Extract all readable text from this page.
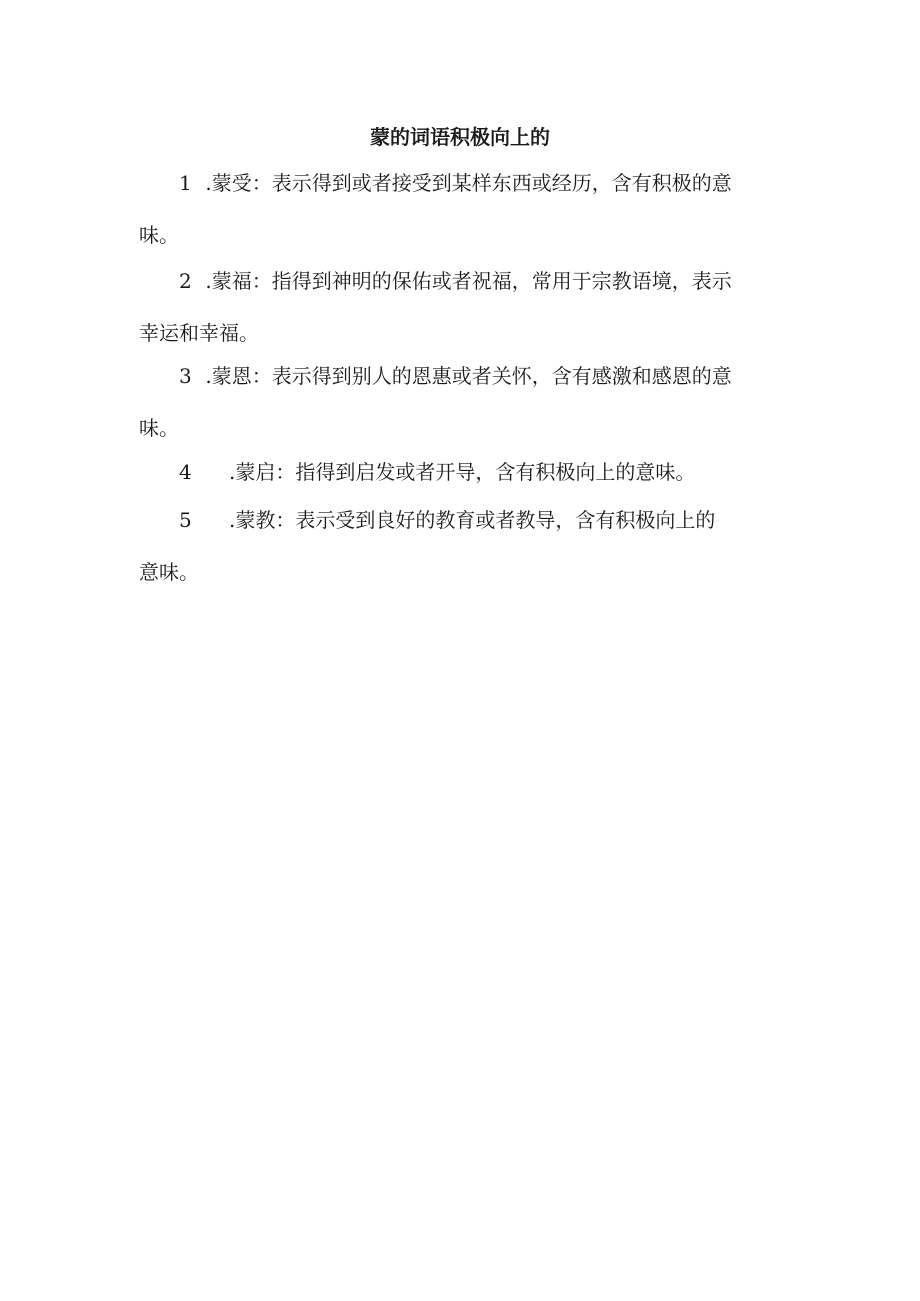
蒙的词语积极向上的
1 .蒙受：表示得到或者接受到某样东西或经历，含有积极的意
味。
2 .蒙福：指得到神明的保佑或者祝福，常用于宗教语境，表示
幸运和幸福。
3 .蒙恩：表示得到别人的恩惠或者关怀，含有感激和感恩的意
味。
4 .蒙启：指得到启发或者开导，含有积极向上的意味。
5 .蒙教：表示受到良好的教育或者教导，含有积极向上的
意味。
